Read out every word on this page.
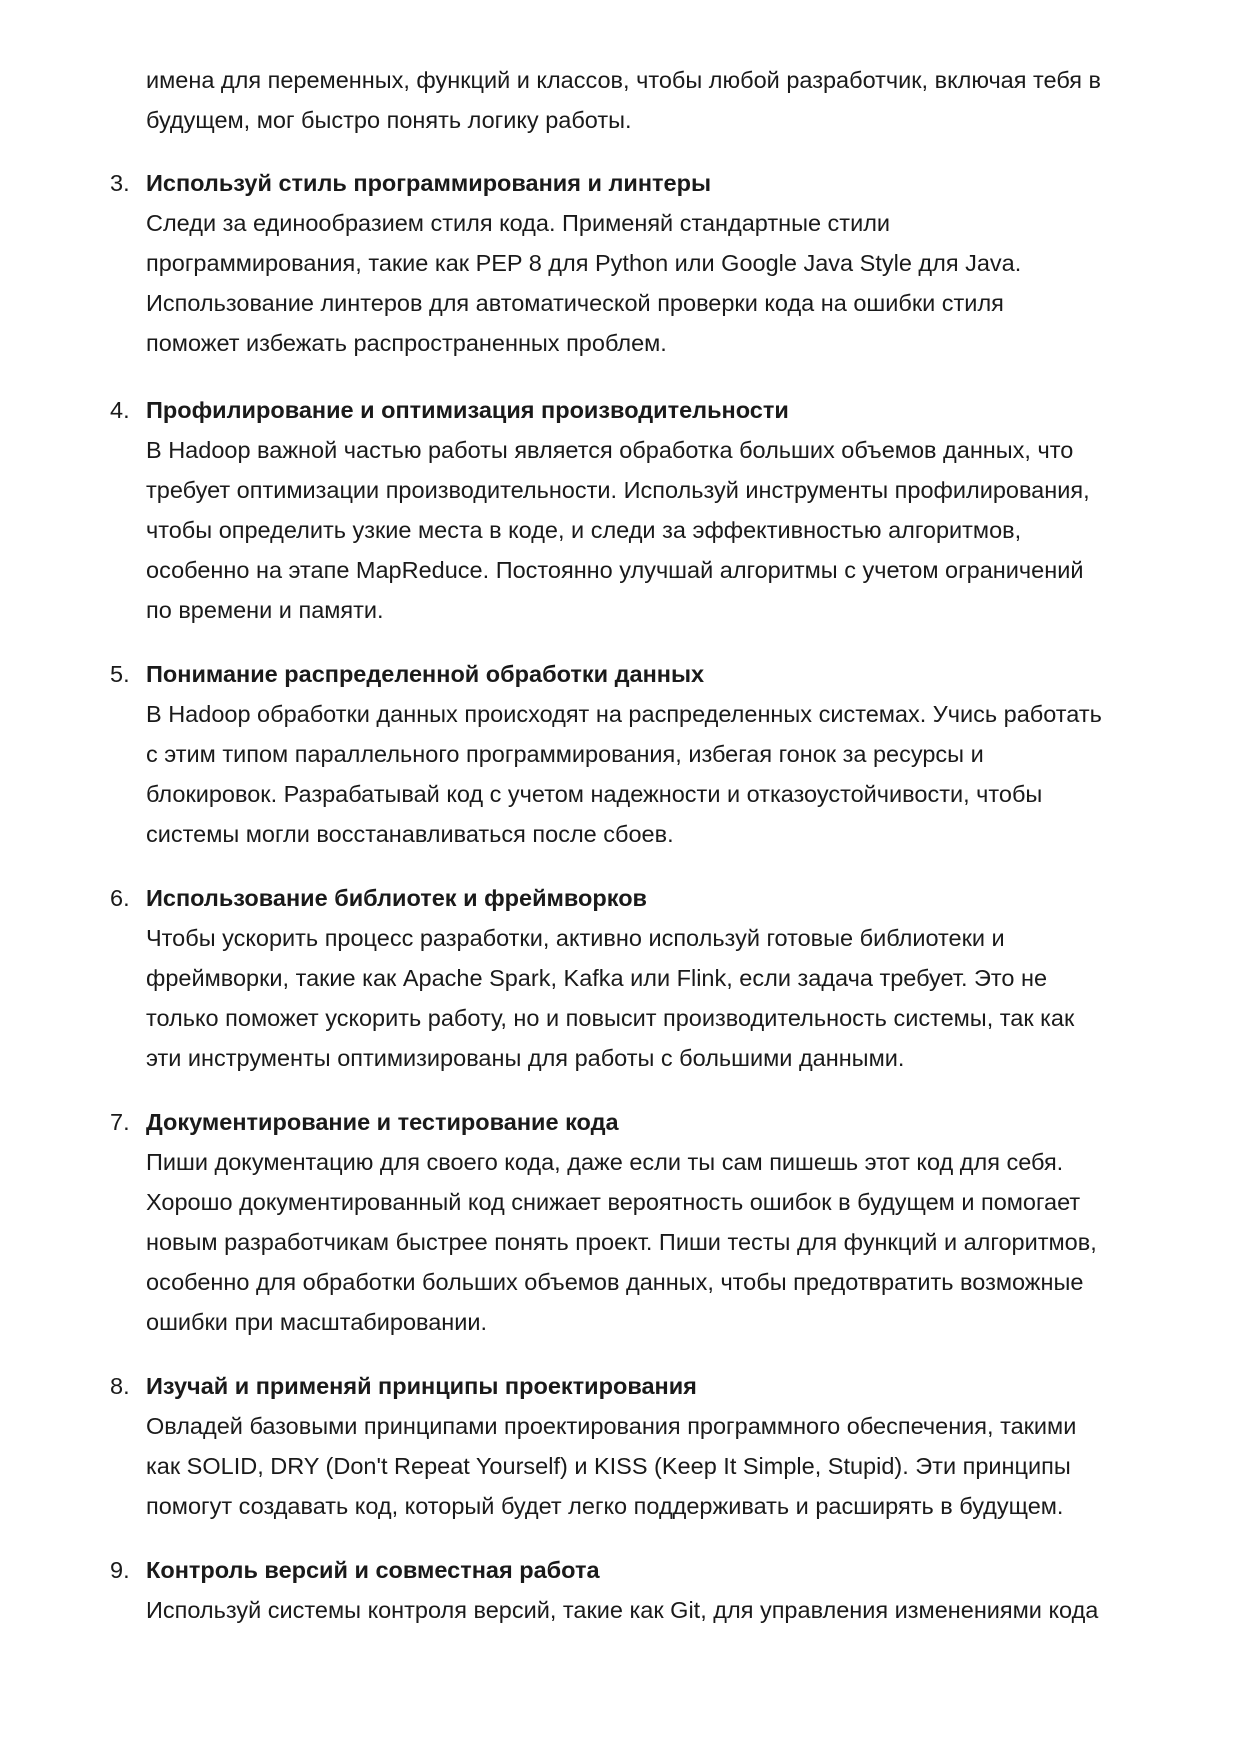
имена для переменных, функций и классов, чтобы любой разработчик, включая тебя в
будущем, мог быстро понять логику работы.
3. Используй стиль программирования и линтеры
Следи за единообразием стиля кода. Применяй стандартные стили
программирования, такие как PEP 8 для Python или Google Java Style для Java.
Использование линтеров для автоматической проверки кода на ошибки стиля
поможет избежать распространенных проблем.
4. Профилирование и оптимизация производительности
В Hadoop важной частью работы является обработка больших объемов данных, что
требует оптимизации производительности. Используй инструменты профилирования,
чтобы определить узкие места в коде, и следи за эффективностью алгоритмов,
особенно на этапе MapReduce. Постоянно улучшай алгоритмы с учетом ограничений
по времени и памяти.
5. Понимание распределенной обработки данных
В Hadoop обработки данных происходят на распределенных системах. Учись работать
с этим типом параллельного программирования, избегая гонок за ресурсы и
блокировок. Разрабатывай код с учетом надежности и отказоустойчивости, чтобы
системы могли восстанавливаться после сбоев.
6. Использование библиотек и фреймворков
Чтобы ускорить процесс разработки, активно используй готовые библиотеки и
фреймворки, такие как Apache Spark, Kafka или Flink, если задача требует. Это не
только поможет ускорить работу, но и повысит производительность системы, так как
эти инструменты оптимизированы для работы с большими данными.
7. Документирование и тестирование кода
Пиши документацию для своего кода, даже если ты сам пишешь этот код для себя.
Хорошо документированный код снижает вероятность ошибок в будущем и помогает
новым разработчикам быстрее понять проект. Пиши тесты для функций и алгоритмов,
особенно для обработки больших объемов данных, чтобы предотвратить возможные
ошибки при масштабировании.
8. Изучай и применяй принципы проектирования
Овладей базовыми принципами проектирования программного обеспечения, такими
как SOLID, DRY (Don't Repeat Yourself) и KISS (Keep It Simple, Stupid). Эти принципы
помогут создавать код, который будет легко поддерживать и расширять в будущем.
9. Контроль версий и совместная работа
Используй системы контроля версий, такие как Git, для управления изменениями кода
